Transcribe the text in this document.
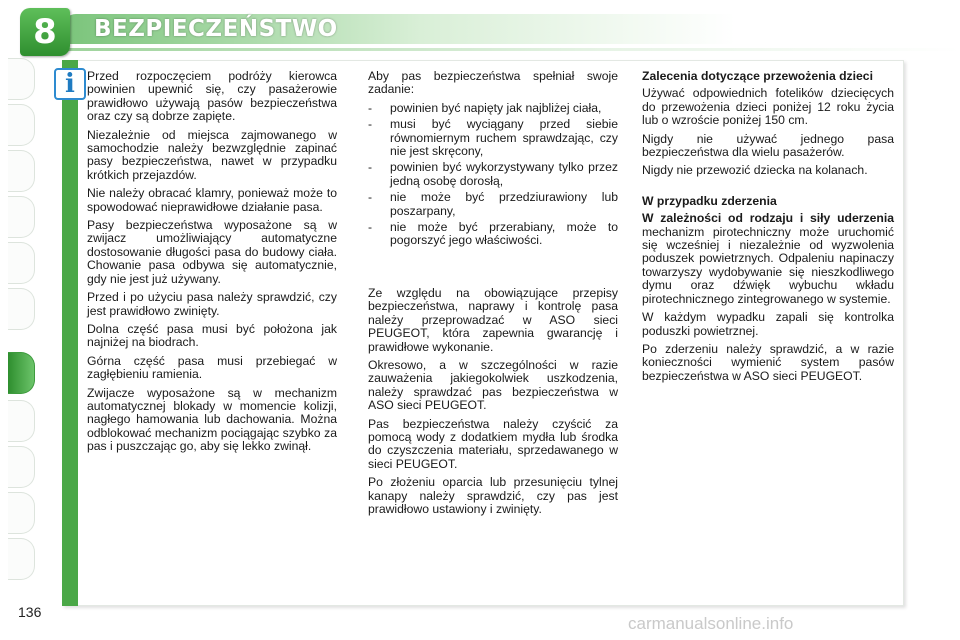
8	BEZPIECZEŃSTWO
i Przed rozpoczęciem podróży kierowca powinien upewnić się, czy pasażerowie prawidłowo używają pasów bezpieczeństwa oraz czy są dobrze zapięte.

Niezależnie od miejsca zajmowanego w samochodzie należy bezwzględnie zapinać pasy bezpieczeństwa, nawet w przypadku krótkich przejazdów.

Nie należy obracać klamry, ponieważ może to spowodować nieprawidłowe działanie pasa.

Pasy bezpieczeństwa wyposażone są w zwijacz umożliwiający automatyczne dostosowanie długości pasa do budowy ciała. Chowanie pasa odbywa się automatycznie, gdy nie jest już używany.

Przed i po użyciu pasa należy sprawdzić, czy jest prawidłowo zwinięty.

Dolna część pasa musi być położona jak najniżej na biodrach.

Górna część pasa musi przebiegać w zagłębieniu ramienia.

Zwijacze wyposażone są w mechanizm automatycznej blokady w momencie kolizji, nagłego hamowania lub dachowania. Można odblokować mechanizm pociągając szybko za pas i puszczając go, aby się lekko zwinął.

Aby pas bezpieczeństwa spełniał swoje zadanie:

- powinien być napięty jak najbliżej ciała,
- musi być wyciągany przed siebie równomiernym ruchem sprawdzając, czy nie jest skręcony,
- powinien być wykorzystywany tylko przez jedną osobę dorosłą,
- nie może być przedziurawiony lub poszarpany,
- nie może być przerabiany, może to pogorszyć jego właściwości.

Ze względu na obowiązujące przepisy bezpieczeństwa, naprawy i kontrolę pasa należy przeprowadzać w ASO sieci PEUGEOT, która zapewnia gwarancję i prawidłowe wykonanie.

Okresowo, a w szczególności w razie zauważenia jakiegokolwiek uszkodzenia, należy sprawdzać pas bezpieczeństwa w ASO sieci PEUGEOT.

Pas bezpieczeństwa należy czyścić za pomocą wody z dodatkiem mydła lub środka do czyszczenia materiału, sprzedawanego w sieci PEUGEOT.

Po złożeniu oparcia lub przesunięciu tylnej kanapy należy sprawdzić, czy pas jest prawidłowo ustawiony i zwinięty.

Zalecenia dotyczące przewożenia dzieci

Używać odpowiednich fotelików dziecięcych do przewożenia dzieci poniżej 12 roku życia lub o wzroście poniżej 150 cm.

Nigdy nie używać jednego pasa bezpieczeństwa dla wielu pasażerów.

Nigdy nie przewozić dziecka na kolanach.

W przypadku zderzenia

W zależności od rodzaju i siły uderzenia mechanizm pirotechniczny może uruchomić się wcześniej i niezależnie od wyzwolenia poduszek powietrznych. Odpaleniu napinaczy towarzyszy wydobywanie się nieszkodliwego dymu oraz dźwięk wybuchu wkładu pirotechnicznego zintegrowanego w systemie.

W każdym wypadku zapali się kontrolka poduszki powietrznej.

Po zderzeniu należy sprawdzić, a w razie konieczności wymienić system pasów bezpieczeństwa w ASO sieci PEUGEOT.

136
carmanualsonline.info
